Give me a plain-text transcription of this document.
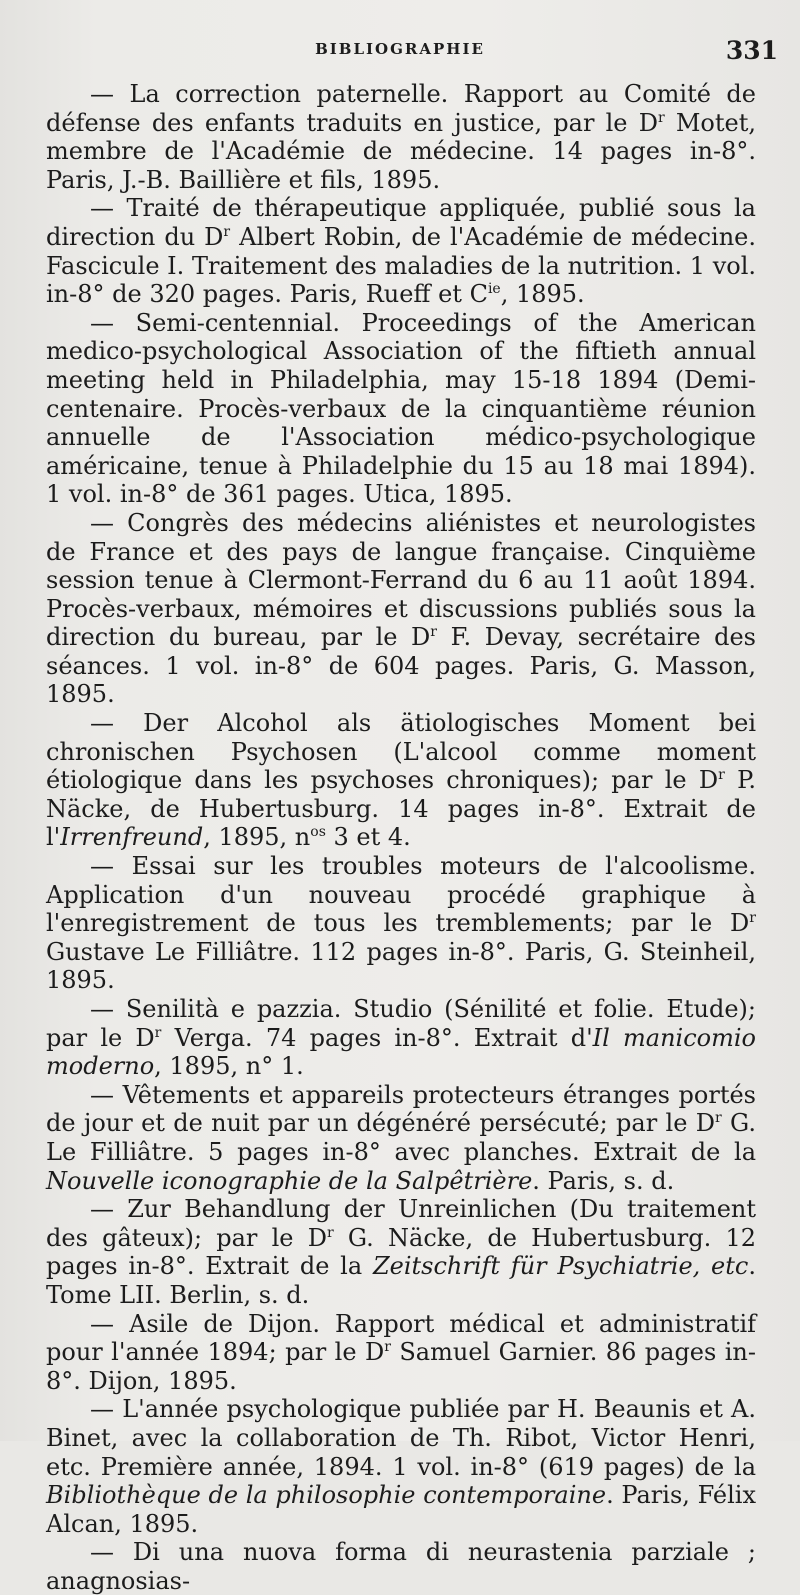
BIBLIOGRAPHIE	331

— La correction paternelle. Rapport au Comité de défense des enfants traduits en justice, par le $D^r$ Motet, membre de l'Académie de médecine. 14 pages in-8°. Paris, J.-B. Baillière et fils, 1895.

— Traité de thérapeutique appliquée, publié sous la direction du $D^r$ Albert Robin, de l'Académie de médecine. Fascicule I. Traitement des maladies de la nutrition. 1 vol. in-8° de 320 pages. Paris, Rueff et $C^{ie}$, 1895.

— Semi-centennial. Proceedings of the American medico-psychological Association of the fiftieth annual meeting held in Philadelphia, may 15-18 1894 (Demi-centenaire. Procès-verbaux de la cinquantième réunion annuelle de l'Association médico-psychologique américaine, tenue à Philadelphie du 15 au 18 mai 1894). 1 vol. in-8° de 361 pages. Utica, 1895.

— Congrès des médecins aliénistes et neurologistes de France et des pays de langue française. Cinquième session tenue à Clermont-Ferrand du 6 au 11 août 1894. Procès-verbaux, mémoires et discussions publiés sous la direction du bureau, par le $D^r$ F. Devay, secrétaire des séances. 1 vol. in-8° de 604 pages. Paris, G. Masson, 1895.

— Der Alcohol als ätiologisches Moment bei chronischen Psychosen (L'alcool comme moment étiologique dans les psychoses chroniques); par le $D^r$ P. Näcke, de Hubertusburg. 14 pages in-8°. Extrait de l'Irrenfreund, 1895, $n^{os}$ 3 et 4.

— Essai sur les troubles moteurs de l'alcoolisme. Application d'un nouveau procédé graphique à l'enregistrement de tous les tremblements; par le $D^r$ Gustave Le Filliâtre. 112 pages in-8°. Paris, G. Steinheil, 1895.

— Senilità e pazzia. Studio (Sénilité et folie. Etude); par le $D^r$ Verga. 74 pages in-8°. Extrait d'Il manicomio moderno, 1895, n° 1.

— Vêtements et appareils protecteurs étranges portés de jour et de nuit par un dégénéré persécuté; par le $D^r$ G. Le Filliâtre. 5 pages in-8° avec planches. Extrait de la Nouvelle iconographie de la Salpêtrière. Paris, s. d.

— Zur Behandlung der Unreinlichen (Du traitement des gâteux); par le $D^r$ G. Näcke, de Hubertusburg. 12 pages in-8°. Extrait de la Zeitschrift für Psychiatrie, etc. Tome LII. Berlin, s. d.

— Asile de Dijon. Rapport médical et administratif pour l'année 1894; par le $D^r$ Samuel Garnier. 86 pages in-8°. Dijon, 1895.

— L'année psychologique publiée par H. Beaunis et A. Binet, avec la collaboration de Th. Ribot, Victor Henri, etc. Première année, 1894. 1 vol. in-8° (619 pages) de la Bibliothèque de la philosophie contemporaine. Paris, Félix Alcan, 1895.

— Di una nuova forma di neurastenia parziale ; anagnosias-
